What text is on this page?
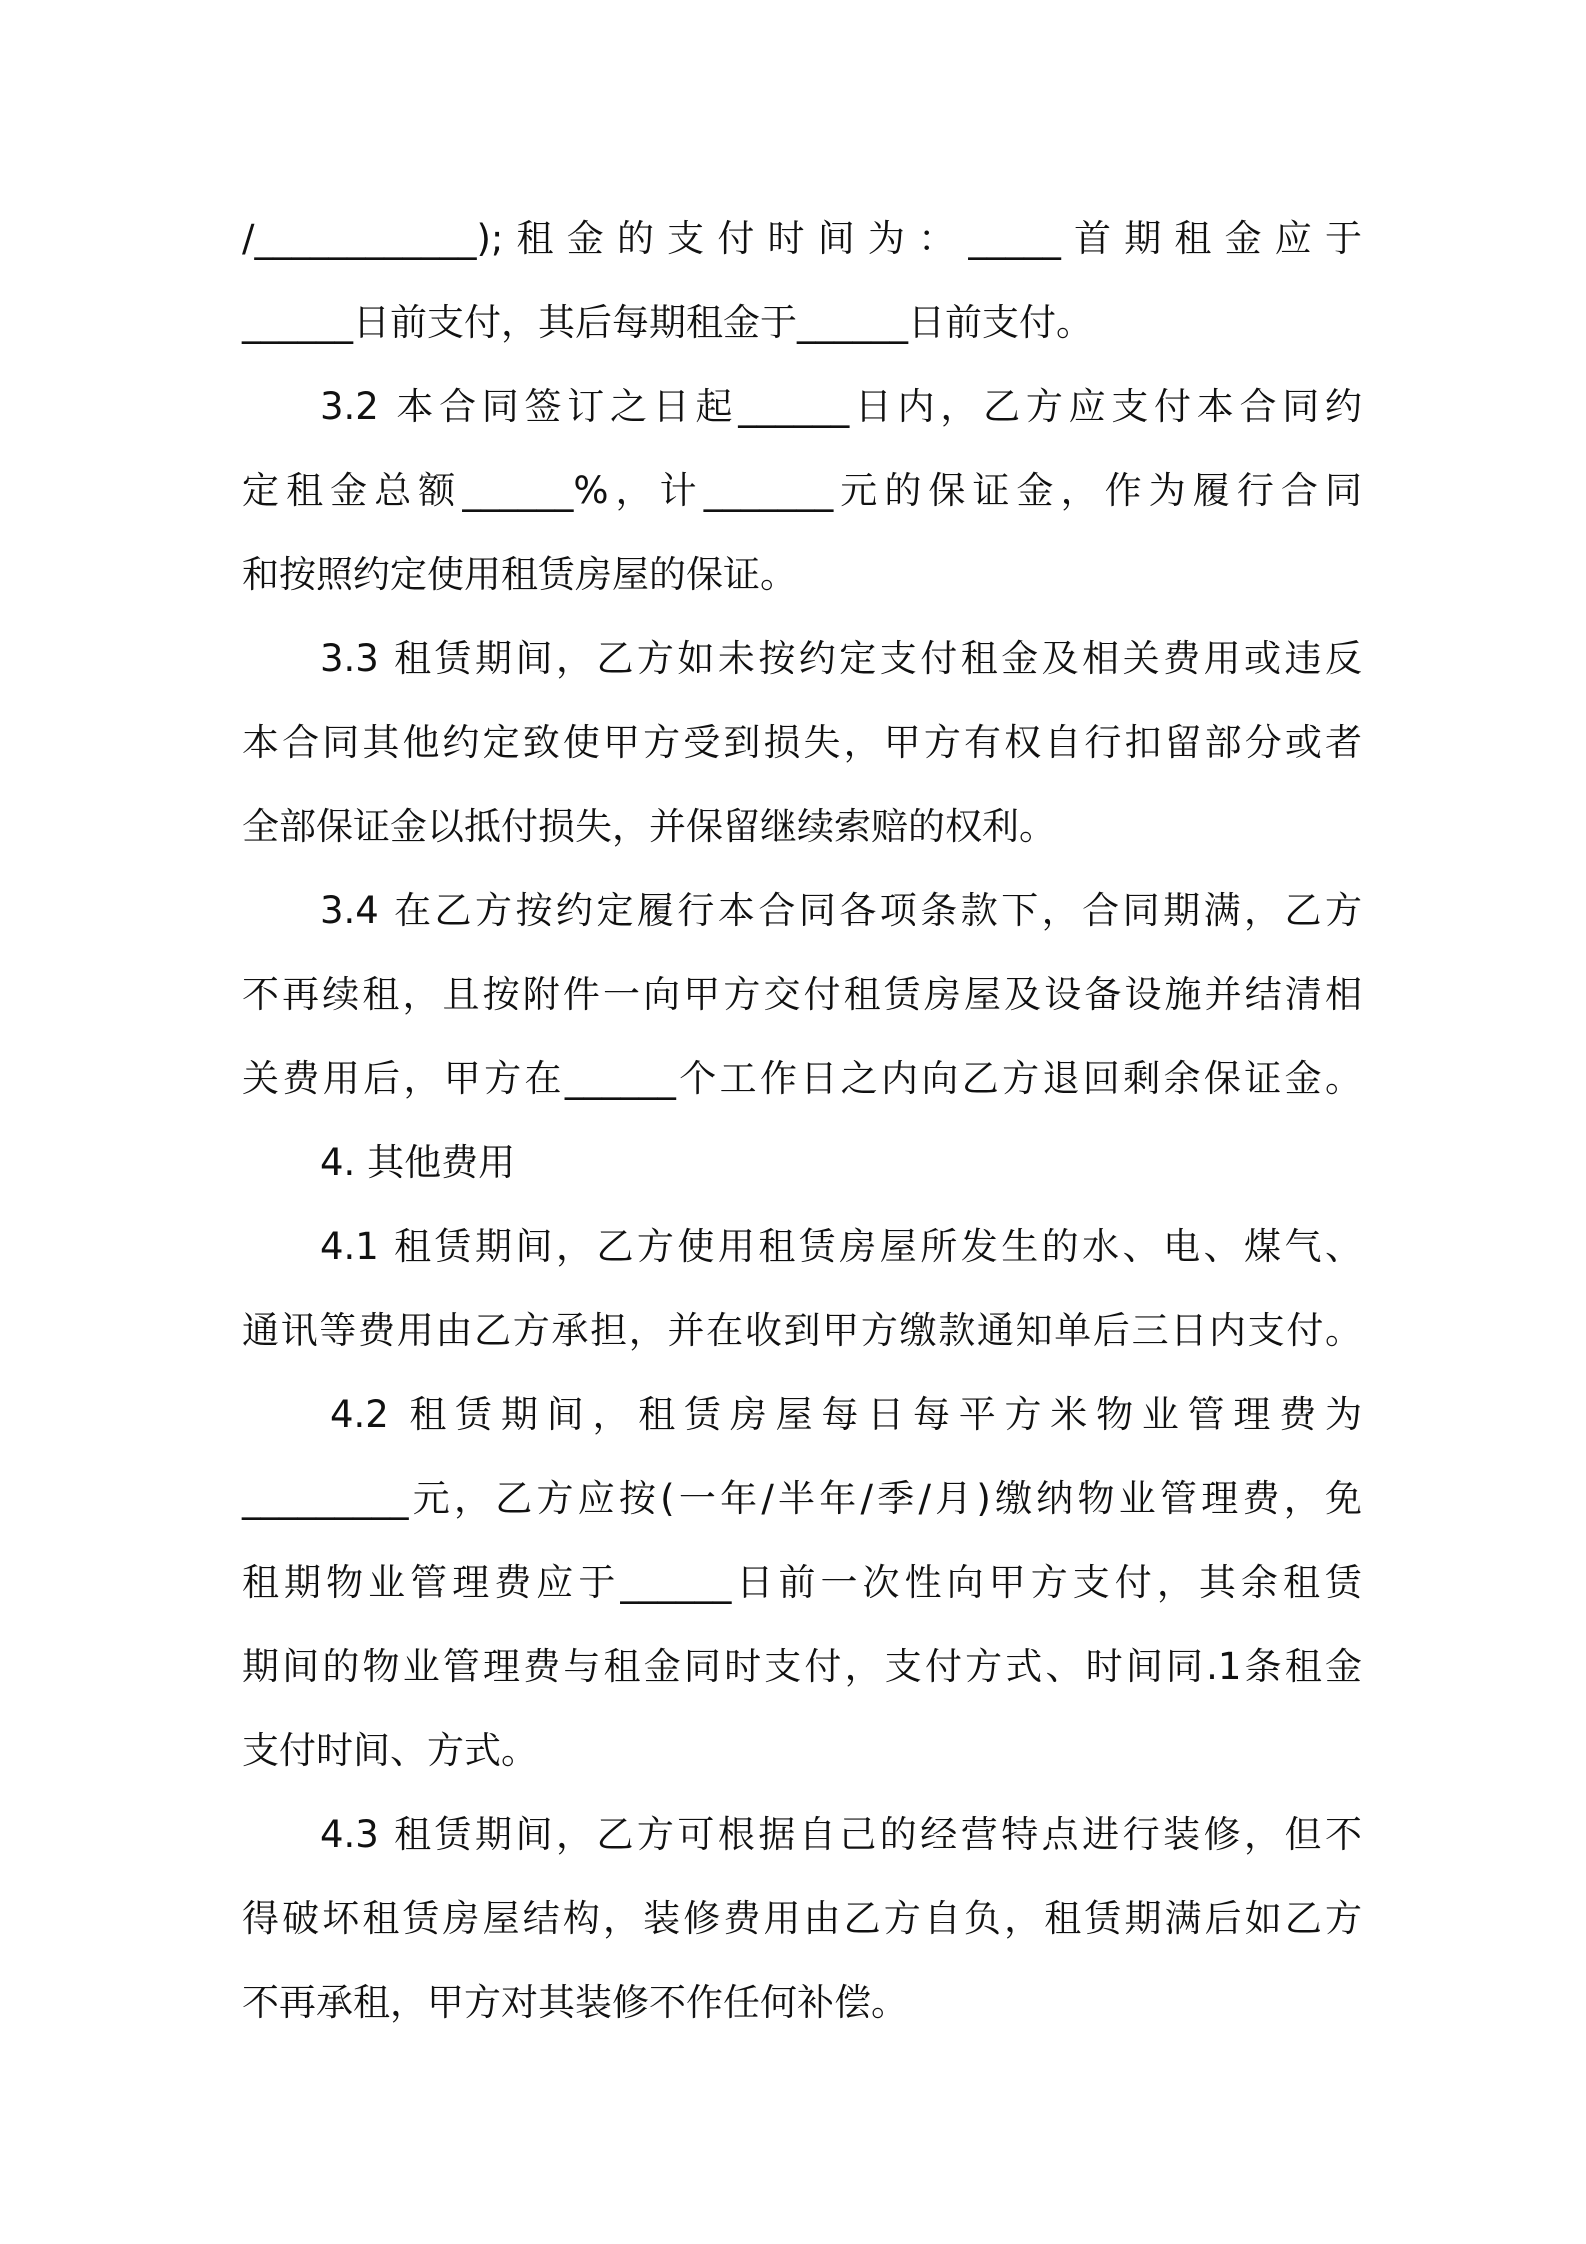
/____________);租金的支付时间为：_____首期租金应于
______日前支付，其后每期租金于______日前支付。
3.2 本合同签订之日起______日内，乙方应支付本合同约
定租金总额______%，计_______元的保证金，作为履行合同
和按照约定使用租赁房屋的保证。
3.3 租赁期间，乙方如未按约定支付租金及相关费用或违反
本合同其他约定致使甲方受到损失，甲方有权自行扣留部分或者
全部保证金以抵付损失，并保留继续索赔的权利。
3.4 在乙方按约定履行本合同各项条款下，合同期满，乙方
不再续租，且按附件一向甲方交付租赁房屋及设备设施并结清相
关费用后，甲方在______个工作日之内向乙方退回剩余保证金。
4. 其他费用
4.1 租赁期间，乙方使用租赁房屋所发生的水、电、煤气、
通讯等费用由乙方承担，并在收到甲方缴款通知单后三日内支付。
4.2 租赁期间，租赁房屋每日每平方米物业管理费为
_________元，乙方应按(一年/半年/季/月)缴纳物业管理费，免
租期物业管理费应于______日前一次性向甲方支付，其余租赁
期间的物业管理费与租金同时支付，支付方式、时间同.1条租金
支付时间、方式。
4.3 租赁期间，乙方可根据自己的经营特点进行装修，但不
得破坏租赁房屋结构，装修费用由乙方自负，租赁期满后如乙方
不再承租，甲方对其装修不作任何补偿。
